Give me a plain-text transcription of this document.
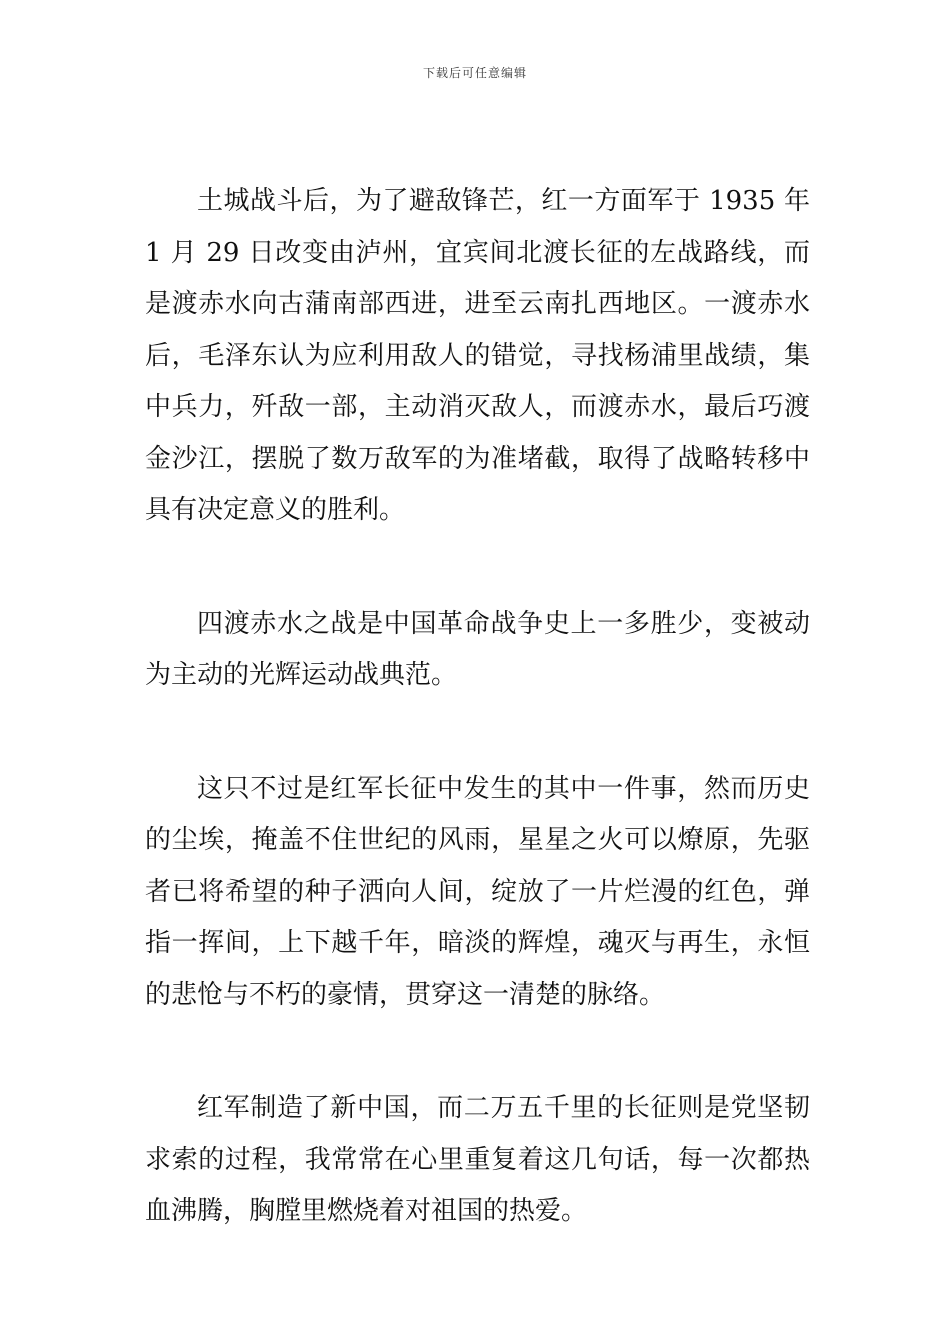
下载后可任意编辑

土城战斗后，为了避敌锋芒，红一方面军于 1935 年 1 月 29 日改变由泸州，宜宾间北渡长征的左战路线，而是渡赤水向古蒲南部西进，进至云南扎西地区。一渡赤水后，毛泽东认为应利用敌人的错觉，寻找杨浦里战绩，集中兵力，歼敌一部，主动消灭敌人，而渡赤水，最后巧渡金沙江，摆脱了数万敌军的为准堵截，取得了战略转移中具有决定意义的胜利。

四渡赤水之战是中国革命战争史上一多胜少，变被动为主动的光辉运动战典范。

这只不过是红军长征中发生的其中一件事，然而历史的尘埃，掩盖不住世纪的风雨，星星之火可以燎原，先驱者已将希望的种子洒向人间，绽放了一片烂漫的红色，弹指一挥间，上下越千年，暗淡的辉煌，魂灭与再生，永恒的悲怆与不朽的豪情，贯穿这一清楚的脉络。

红军制造了新中国，而二万五千里的长征则是党坚韧求索的过程，我常常在心里重复着这几句话，每一次都热血沸腾，胸膛里燃烧着对祖国的热爱。
